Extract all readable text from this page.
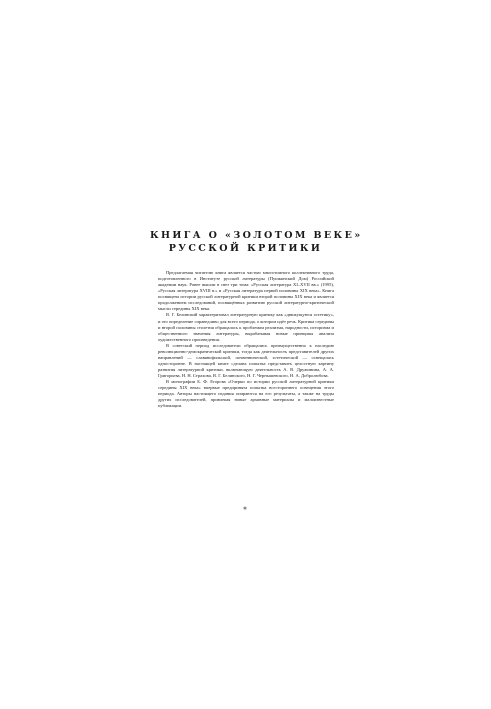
КНИГА О «ЗОЛОТОМ ВЕКЕ»
РУССКОЙ КРИТИКИ

Предлагаемая читателю книга является частью многотомного коллективного труда, подготовленного в Институте русской литературы (Пушкинский Дом) Российской академии наук. Ранее вышли в свет три тома: «Русская литература XI–XVII вв.» (1995), «Русская литература XVIII в.» и «Русская литература первой половины XIX века». Книга посвящена истории русской литературной критики второй половины XIX века и является продолжением исследований, посвящённых развитию русской литературно-критической мысли середины XIX века.

В. Г. Белинский характеризовал литературную критику как «движущуюся эстетику», и это определение справедливо для всего периода, о котором идёт речь. Критика середины и второй половины столетия обращалась к проблемам реализма, народности, историзма и общественного значения литературы, вырабатывая новые принципы анализа художественного произведения.

В советский период исследователи обращались преимущественно к наследию революционно-демократической критики, тогда как деятельность представителей других направлений — славянофильской, почвеннической, эстетической — освещалась односторонне. В настоящей книге сделана попытка представить целостную картину развития литературной критики, включающую деятельность А. В. Дружинина, А. А. Григорьева, Н. Н. Страхова, В. Г. Белинского, Н. Г. Чернышевского, Н. А. Добролюбова.

В монографии Б. Ф. Егорова «Очерки по истории русской литературной критики середины XIX века» впервые предпринята попытка всестороннего освещения этого периода. Авторы настоящего издания опираются на его результаты, а также на труды других исследователей, привлекая новые архивные материалы и малоизвестные публикации.

*
